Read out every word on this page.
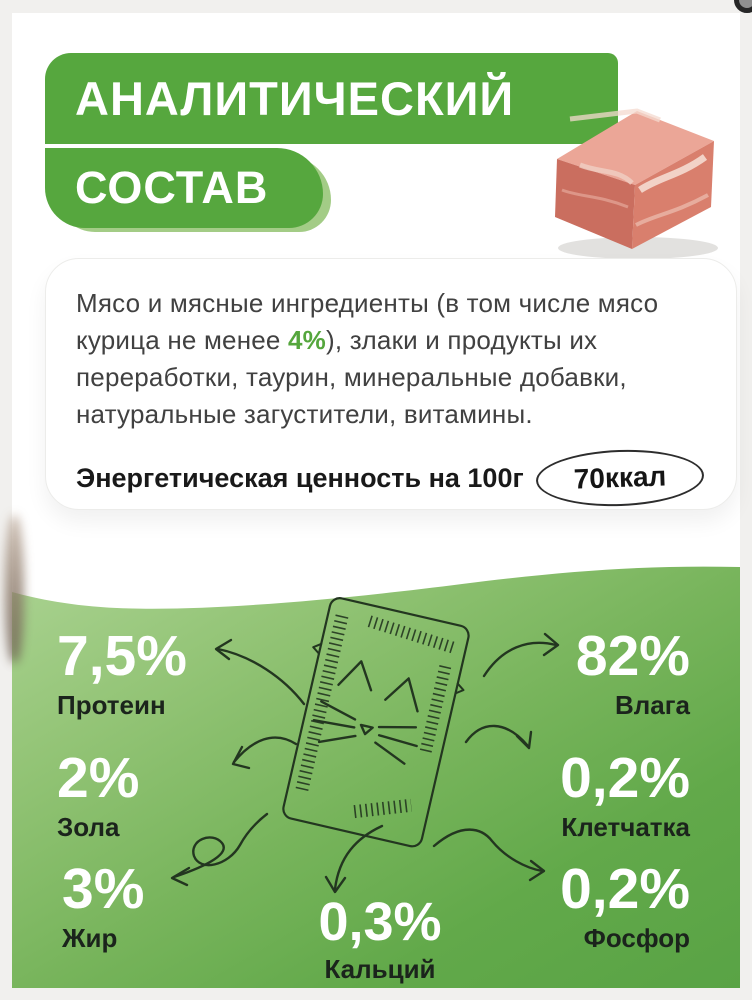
АНАЛИТИЧЕСКИЙ
СОСТАВ
Мясо и мясные ингредиенты (в том числе мясо
курица не менее 4%), злаки и продукты их
переработки, таурин, минеральные добавки,
натуральные загустители, витамины.
Энергетическая ценность на 100г	70ккал
7,5%
Протеин
2%
Зола
3%
Жир
82%
Влага
0,2%
Клетчатка
0,2%
Фосфор
0,3%
Кальций
